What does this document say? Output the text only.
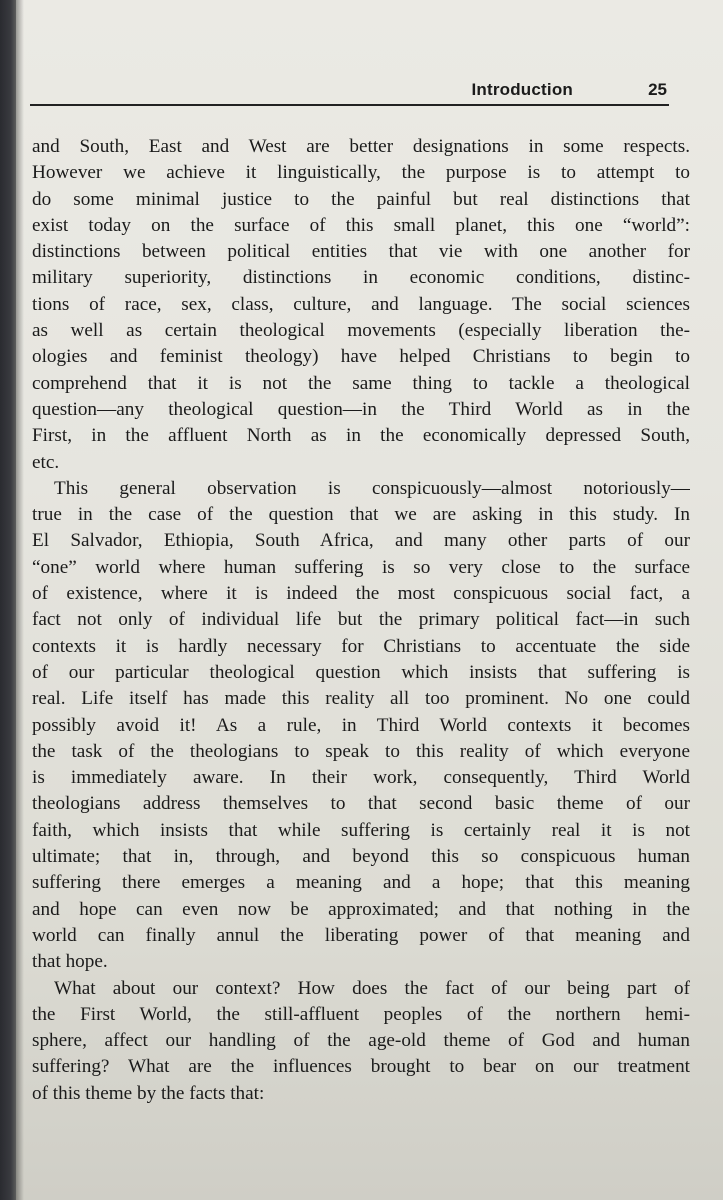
Introduction	25
and South, East and West are better designations in some respects.
However we achieve it linguistically, the purpose is to attempt to
do some minimal justice to the painful but real distinctions that
exist today on the surface of this small planet, this one “world”:
distinctions between political entities that vie with one another for
military superiority, distinctions in economic conditions, distinc-
tions of race, sex, class, culture, and language. The social sciences
as well as certain theological movements (especially liberation the-
ologies and feminist theology) have helped Christians to begin to
comprehend that it is not the same thing to tackle a theological
question—any theological question—in the Third World as in the
First, in the affluent North as in the economically depressed South,
etc.
This general observation is conspicuously—almost notoriously—
true in the case of the question that we are asking in this study. In
El Salvador, Ethiopia, South Africa, and many other parts of our
“one” world where human suffering is so very close to the surface
of existence, where it is indeed the most conspicuous social fact, a
fact not only of individual life but the primary political fact—in such
contexts it is hardly necessary for Christians to accentuate the side
of our particular theological question which insists that suffering is
real. Life itself has made this reality all too prominent. No one could
possibly avoid it! As a rule, in Third World contexts it becomes
the task of the theologians to speak to this reality of which everyone
is immediately aware. In their work, consequently, Third World
theologians address themselves to that second basic theme of our
faith, which insists that while suffering is certainly real it is not
ultimate; that in, through, and beyond this so conspicuous human
suffering there emerges a meaning and a hope; that this meaning
and hope can even now be approximated; and that nothing in the
world can finally annul the liberating power of that meaning and
that hope.
What about our context? How does the fact of our being part of
the First World, the still-affluent peoples of the northern hemi-
sphere, affect our handling of the age-old theme of God and human
suffering? What are the influences brought to bear on our treatment
of this theme by the facts that:
